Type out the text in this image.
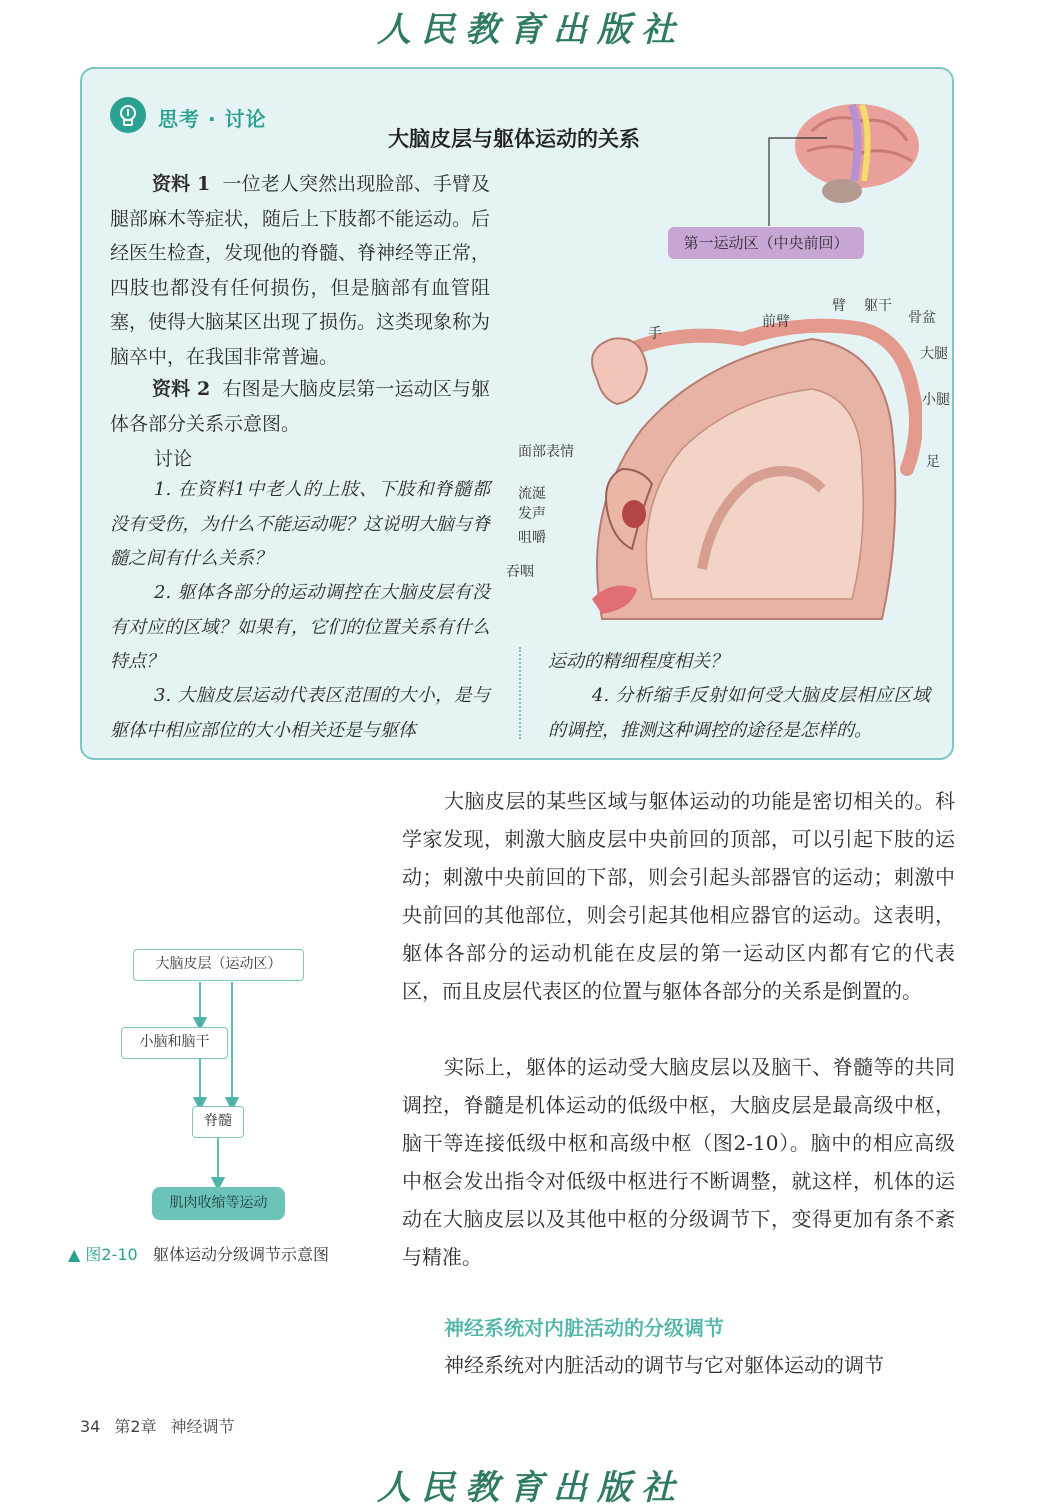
人民教育出版社
思考 · 讨论
大脑皮层与躯体运动的关系
资料 1 一位老人突然出现脸部、手臂及腿部麻木等症状，随后上下肢都不能运动。后经医生检查，发现他的脊髓、脊神经等正常，四肢也都没有任何损伤，但是脑部有血管阻塞，使得大脑某区出现了损伤。这类现象称为脑卒中，在我国非常普遍。
资料 2 右图是大脑皮层第一运动区与躯体各部分关系示意图。
讨论
1. 在资料1中老人的上肢、下肢和脊髓都没有受伤，为什么不能运动呢？这说明大脑与脊髓之间有什么关系？
2. 躯体各部分的运动调控在大脑皮层有没有对应的区域？如果有，它们的位置关系有什么特点？
3. 大脑皮层运动代表区范围的大小，是与躯体中相应部位的大小相关还是与躯体
运动的精细程度相关？
4. 分析缩手反射如何受大脑皮层相应区域的调控，推测这种调控的途径是怎样的。
第一运动区（中央前回）
臂 躯干
骨盆
前臂
手
大腿
小腿
足
面部表情
流涎
发声
咀嚼
吞咽
大脑皮层（运动区）
小脑和脑干
脊髓
肌肉收缩等运动
▲ 图2-10 躯体运动分级调节示意图
大脑皮层的某些区域与躯体运动的功能是密切相关的。科学家发现，刺激大脑皮层中央前回的顶部，可以引起下肢的运动；刺激中央前回的下部，则会引起头部器官的运动；刺激中央前回的其他部位，则会引起其他相应器官的运动。这表明，躯体各部分的运动机能在皮层的第一运动区内都有它的代表区，而且皮层代表区的位置与躯体各部分的关系是倒置的。
实际上，躯体的运动受大脑皮层以及脑干、脊髓等的共同调控，脊髓是机体运动的低级中枢，大脑皮层是最高级中枢，脑干等连接低级中枢和高级中枢（图2-10）。脑中的相应高级中枢会发出指令对低级中枢进行不断调整，就这样，机体的运动在大脑皮层以及其他中枢的分级调节下，变得更加有条不紊与精准。
神经系统对内脏活动的分级调节
神经系统对内脏活动的调节与它对躯体运动的调节
34 第2章 神经调节
人民教育出版社
